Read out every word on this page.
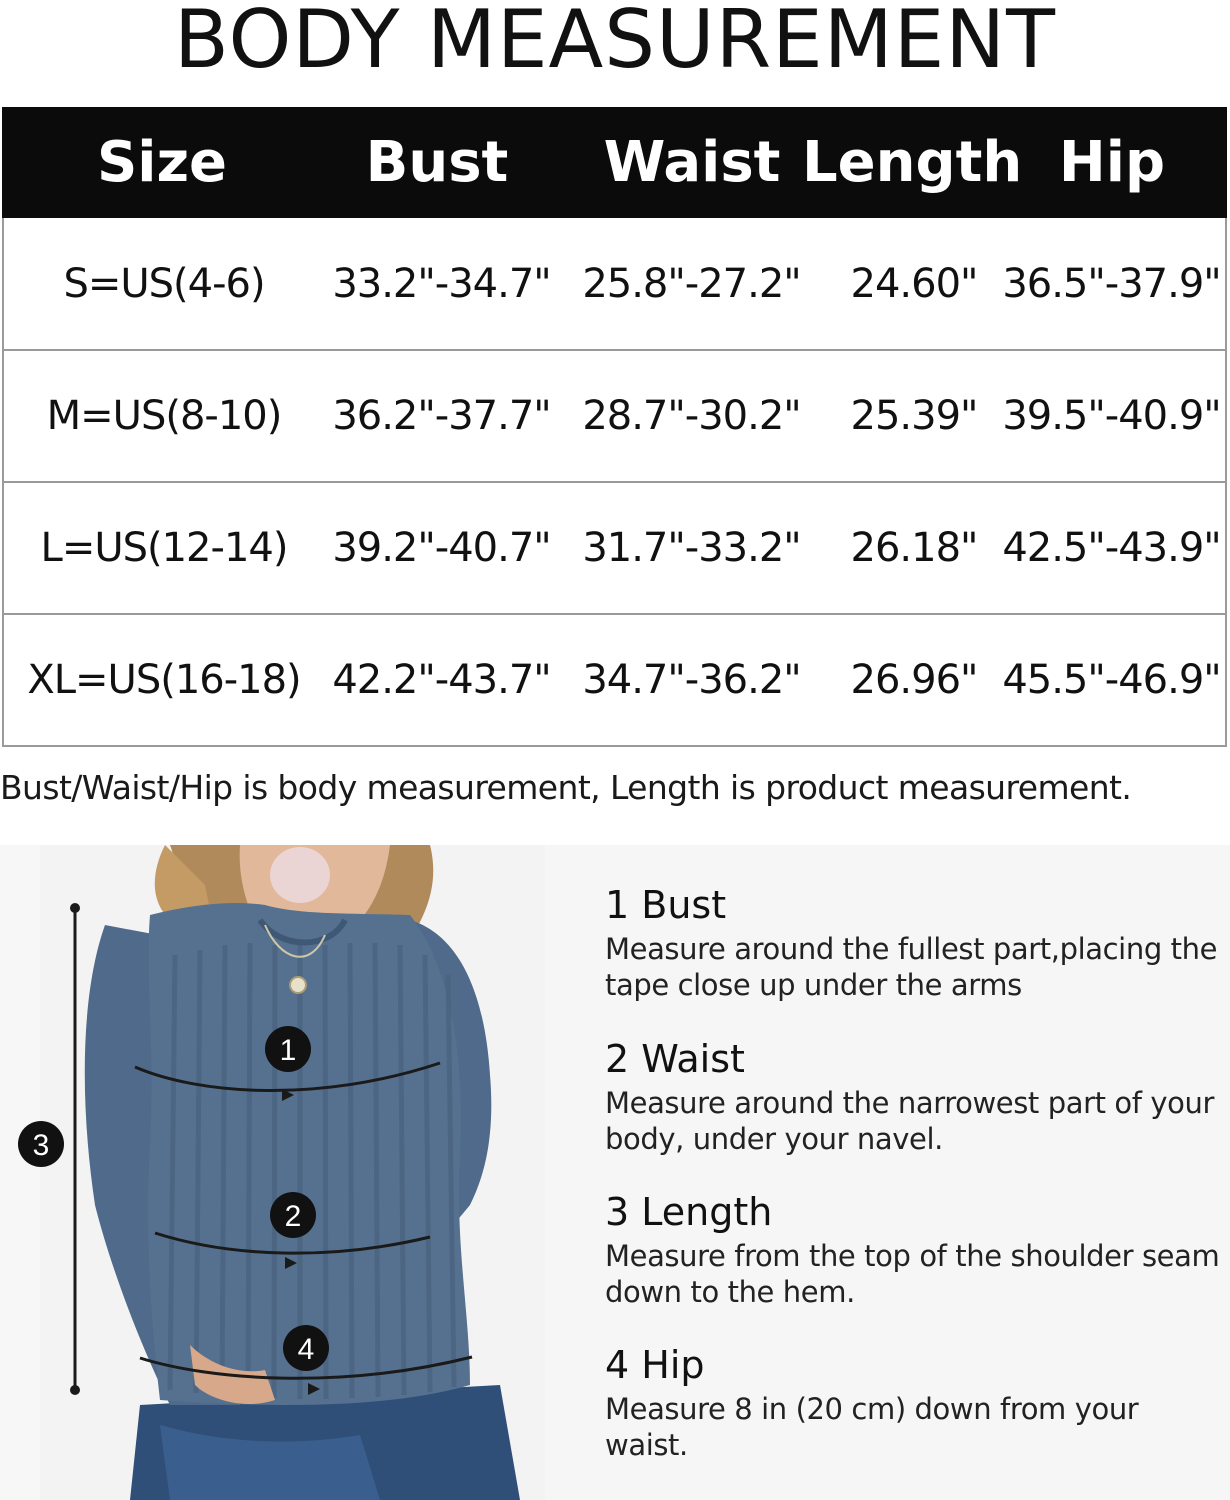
BODY MEASUREMENT
Size	Bust	Waist Length Hip
S=US(4-6)	33.2"-34.7" 25.8"-27.2"	24.60" 36.5"-37.9"
M=US(8-10)	36.2"-37.7" 28.7"-30.2"	25.39" 39.5"-40.9"
L=US(12-14)	39.2"-40.7" 31.7"-33.2"	26.18" 42.5"-43.9"
XL=US(16-18) 42.2"-43.7" 34.7"-36.2"	26.96" 45.5"-46.9"
Bust/Waist/Hip is body measurement, Length is product measurement.
1
2
3
4
1 Bust
Measure around the fullest part,placing the tape close up under the arms
2 Waist
Measure around the narrowest part of your body, under your navel.
3 Length
Measure from the top of the shoulder seam down to the hem.
4 Hip
Measure 8 in (20 cm) down from your waist.
